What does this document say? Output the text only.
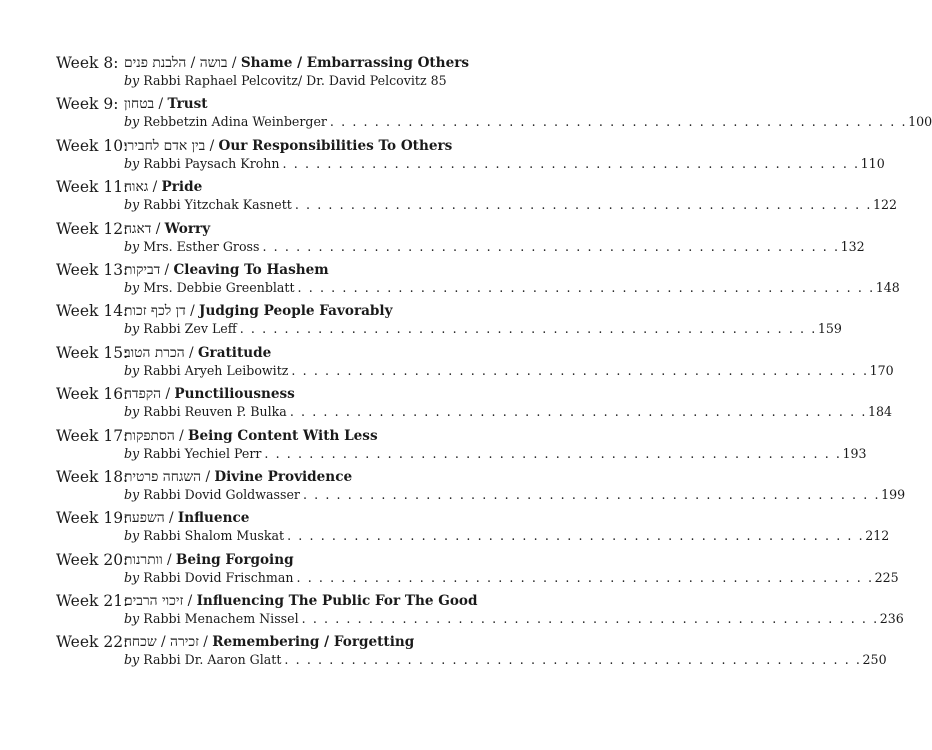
Week 8: בושה / הלבנת פנים / Shame / Embarrassing Others
by Rabbi Raphael Pelcovitz/ Dr. David Pelcovitz 85
Week 9: בטחון / Trust
by Rebbetzin Adina Weinberger . . . . . . . . . . . . . . . . . . . . . . . . . . . . . . . . . . . . . . . . . . . . . . . . . . . . 100
Week 10:
בין אדם לחבירו / Our Responsibilities To Others
by Rabbi Paysach Krohn . . . . . . . . . . . . . . . . . . . . . . . . . . . . . . . . . . . . . . . . . . . . . . . . . . . . 110
Week 11:
גאוה / Pride
by Rabbi Yitzchak Kasnett . . . . . . . . . . . . . . . . . . . . . . . . . . . . . . . . . . . . . . . . . . . . . . . . . . . . 122
Week 12:
דאגה / Worry
by Mrs. Esther Gross . . . . . . . . . . . . . . . . . . . . . . . . . . . . . . . . . . . . . . . . . . . . . . . . . . . . 132
Week 13:
דביקות / Cleaving To Hashem
by Mrs. Debbie Greenblatt . . . . . . . . . . . . . . . . . . . . . . . . . . . . . . . . . . . . . . . . . . . . . . . . . . . . 148
Week 14:
דן לכף זכות / Judging People Favorably
by Rabbi Zev Leff . . . . . . . . . . . . . . . . . . . . . . . . . . . . . . . . . . . . . . . . . . . . . . . . . . . . 159
Week 15:
הכרת הטוב / Gratitude
by Rabbi Aryeh Leibowitz . . . . . . . . . . . . . . . . . . . . . . . . . . . . . . . . . . . . . . . . . . . . . . . . . . . . 170
Week 16:
הקפדה / Punctiliousness
by Rabbi Reuven P. Bulka . . . . . . . . . . . . . . . . . . . . . . . . . . . . . . . . . . . . . . . . . . . . . . . . . . . . 184
Week 17:
הסתפקות / Being Content With Less
by Rabbi Yechiel Perr . . . . . . . . . . . . . . . . . . . . . . . . . . . . . . . . . . . . . . . . . . . . . . . . . . . . 193
Week 18:
השגחה פרטית / Divine Providence
by Rabbi Dovid Goldwasser . . . . . . . . . . . . . . . . . . . . . . . . . . . . . . . . . . . . . . . . . . . . . . . . . . . . 199
Week 19:
השפעה / Influence
by Rabbi Shalom Muskat . . . . . . . . . . . . . . . . . . . . . . . . . . . . . . . . . . . . . . . . . . . . . . . . . . . . 212
Week 20:
וותרנות / Being Forgoing
by Rabbi Dovid Frischman . . . . . . . . . . . . . . . . . . . . . . . . . . . . . . . . . . . . . . . . . . . . . . . . . . . . 225
Week 21:
זיכוי הרבים / Influencing The Public For The Good
by Rabbi Menachem Nissel . . . . . . . . . . . . . . . . . . . . . . . . . . . . . . . . . . . . . . . . . . . . . . . . . . . . 236
Week 22:
זכירה / שכחה / Remembering / Forgetting
by Rabbi Dr. Aaron Glatt . . . . . . . . . . . . . . . . . . . . . . . . . . . . . . . . . . . . . . . . . . . . . . . . . . . . 250
